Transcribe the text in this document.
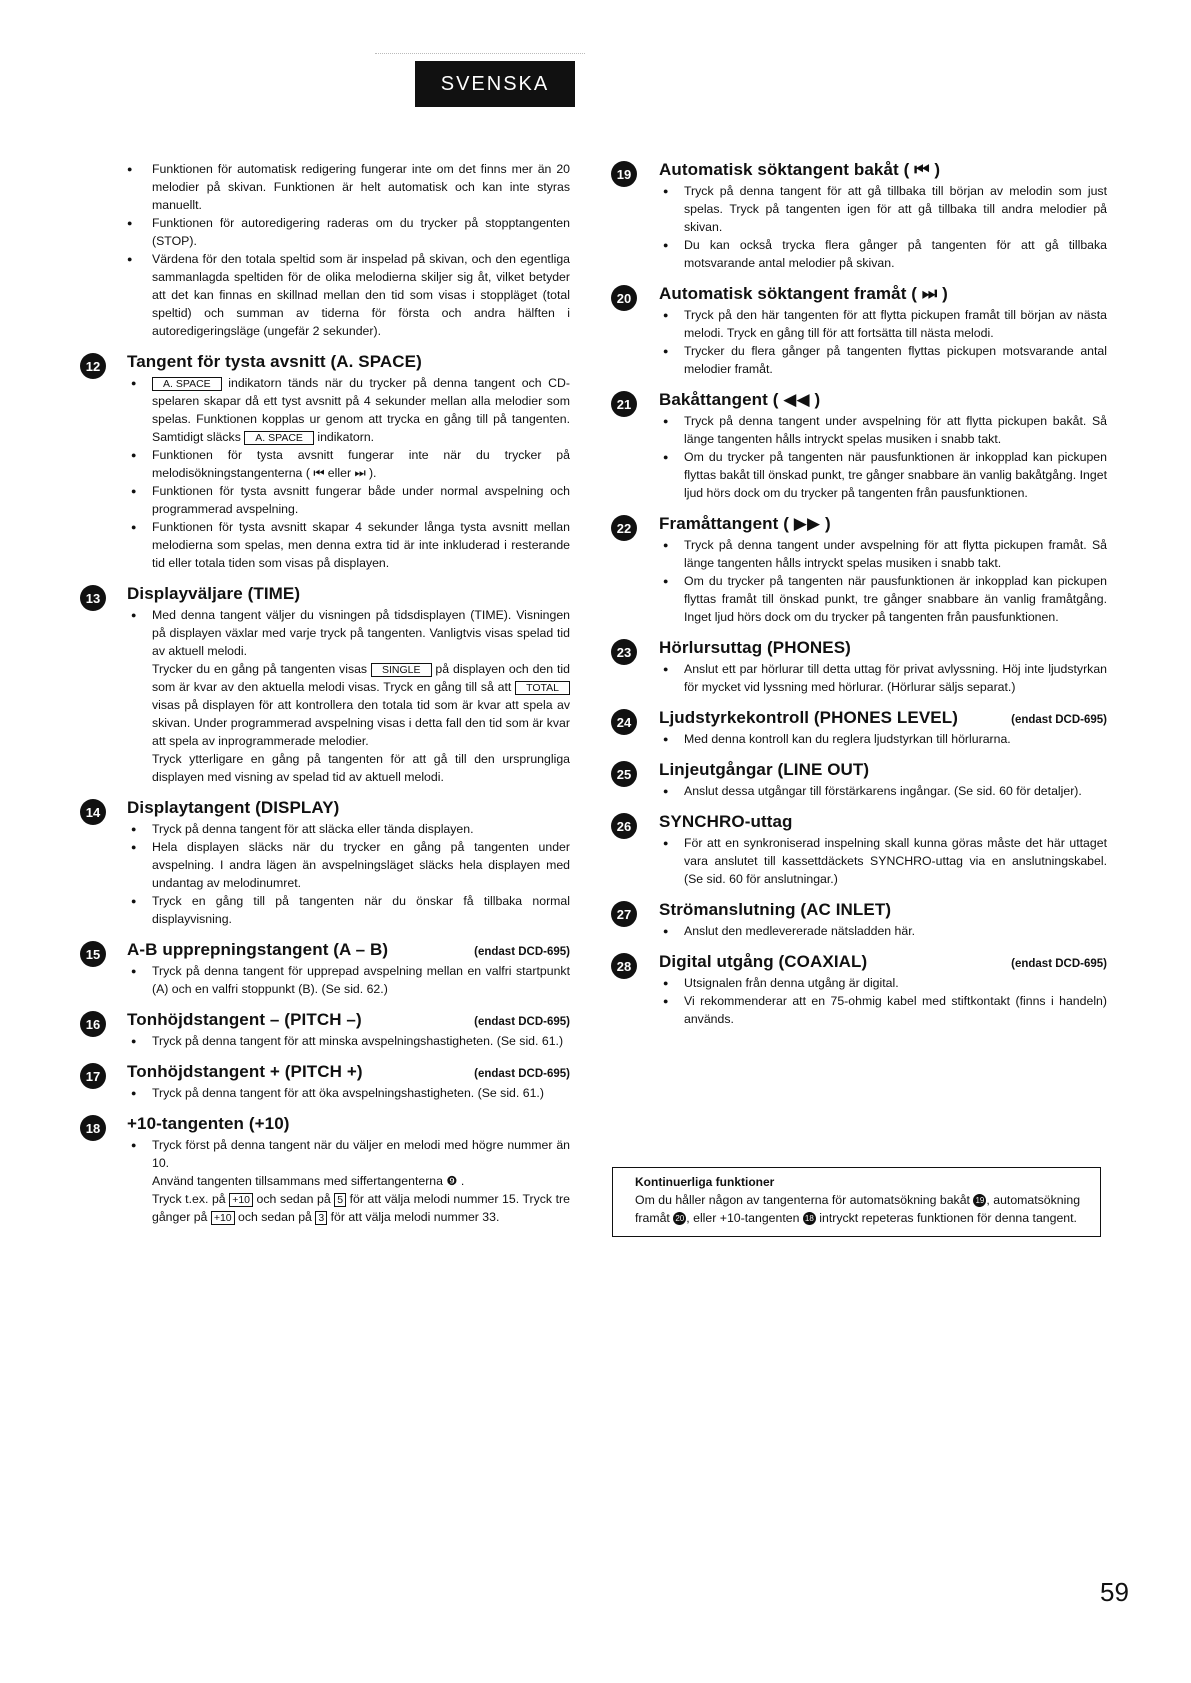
SVENSKA
● Funktionen för automatisk redigering fungerar inte om det finns mer än 20 melodier på skivan. Funktionen är helt automatisk och kan inte styras manuellt.
● Funktionen för autoredigering raderas om du trycker på stopptangenten (STOP).
● Värdena för den totala speltid som är inspelad på skivan, och den egentliga sammanlagda speltiden för de olika melodierna skiljer sig åt, vilket betyder att det kan finnas en skillnad mellan den tid som visas i stoppläget (total speltid) och summan av tiderna för första och andra hälften i autoredigeringsläge (ungefär 2 sekunder).
12	Tangent för tysta avsnitt (A. SPACE)
● A. SPACE indikatorn tänds när du trycker på denna tangent och CD-spelaren skapar då ett tyst avsnitt på 4 sekunder mellan alla melodier som spelas. Funktionen kopplas ur genom att trycka en gång till på tangenten. Samtidigt släcks A. SPACE indikatorn.
● Funktionen för tysta avsnitt fungerar inte när du trycker på melodisökningstangenterna ( ⏮ eller ⏭ ).
● Funktionen för tysta avsnitt fungerar både under normal avspelning och programmerad avspelning.
● Funktionen för tysta avsnitt skapar 4 sekunder långa tysta avsnitt mellan melodierna som spelas, men denna extra tid är inte inkluderad i resterande tid eller totala tiden som visas på displayen.
13	Displayväljare (TIME)
● Med denna tangent väljer du visningen på tidsdisplayen (TIME). Visningen på displayen växlar med varje tryck på tangenten. Vanligtvis visas spelad tid av aktuell melodi.

Trycker du en gång på tangenten visas SINGLE på displayen och den tid som är kvar av den aktuella melodi visas. Tryck en gång till så att TOTAL visas på displayen för att kontrollera den totala tid som är kvar att spela av skivan. Under programmerad avspelning visas i detta fall den tid som är kvar att spela av inprogrammerade melodier.

Tryck ytterligare en gång på tangenten för att gå till den ursprungliga displayen med visning av spelad tid av aktuell melodi.

14	Displaytangent (DISPLAY)
● Tryck på denna tangent för att släcka eller tända displayen.
● Hela displayen släcks när du trycker en gång på tangenten under avspelning. I andra lägen än avspelningsläget släcks hela displayen med undantag av melodinumret.
● Tryck en gång till på tangenten när du önskar få tillbaka normal displayvisning.
15	A-B upprepningstangent (A – B)	(endast DCD-695)
● Tryck på denna tangent för upprepad avspelning mellan en valfri startpunkt (A) och en valfri stoppunkt (B). (Se sid. 62.)
16	Tonhöjdstangent – (PITCH –)	(endast DCD-695)
● Tryck på denna tangent för att minska avspelningshastigheten. (Se sid. 61.)
17	Tonhöjdstangent + (PITCH +)	(endast DCD-695)
● Tryck på denna tangent för att öka avspelningshastigheten. (Se sid. 61.)
18	+10-tangenten (+10)
● Tryck först på denna tangent när du väljer en melodi med högre nummer än 10.

Använd tangenten tillsammans med siffertangenterna ❾ .

Tryck t.ex. på +10 och sedan på 5 för att välja melodi nummer 15. Tryck tre gånger på +10 och sedan på 3 för att välja melodi nummer 33.

19	Automatisk söktangent bakåt ( ⏮ )
● Tryck på denna tangent för att gå tillbaka till början av melodin som just spelas. Tryck på tangenten igen för att gå tillbaka till andra melodier på skivan.
● Du kan också trycka flera gånger på tangenten för att gå tillbaka motsvarande antal melodier på skivan.
20	Automatisk söktangent framåt ( ⏭ )
● Tryck på den här tangenten för att flytta pickupen framåt till början av nästa melodi. Tryck en gång till för att fortsätta till nästa melodi.
● Trycker du flera gånger på tangenten flyttas pickupen motsvarande antal melodier framåt.
21	Bakåttangent ( ◀◀ )
● Tryck på denna tangent under avspelning för att flytta pickupen bakåt. Så länge tangenten hålls intryckt spelas musiken i snabb takt.
● Om du trycker på tangenten när pausfunktionen är inkopplad kan pickupen flyttas bakåt till önskad punkt, tre gånger snabbare än vanlig bakåtgång. Inget ljud hörs dock om du trycker på tangenten från pausfunktionen.
22	Framåttangent ( ▶▶ )
● Tryck på denna tangent under avspelning för att flytta pickupen framåt. Så länge tangenten hålls intryckt spelas musiken i snabb takt.
● Om du trycker på tangenten när pausfunktionen är inkopplad kan pickupen flyttas framåt till önskad punkt, tre gånger snabbare än vanlig framåtgång. Inget ljud hörs dock om du trycker på tangenten från pausfunktionen.
23	Hörlursuttag (PHONES)
● Anslut ett par hörlurar till detta uttag för privat avlyssning. Höj inte ljudstyrkan för mycket vid lyssning med hörlurar. (Hörlurar säljs separat.)
24	Ljudstyrkekontroll (PHONES LEVEL)	(endast DCD-695)
● Med denna kontroll kan du reglera ljudstyrkan till hörlurarna.
25	Linjeutgångar (LINE OUT)
● Anslut dessa utgångar till förstärkarens ingångar. (Se sid. 60 för detaljer).
26	SYNCHRO-uttag
● För att en synkroniserad inspelning skall kunna göras måste det här uttaget vara anslutet till kassettdäckets SYNCHRO-uttag via en anslutningskabel. (Se sid. 60 för anslutningar.)
27	Strömanslutning (AC INLET)
● Anslut den medlevererade nätsladden här.
28	Digital utgång (COAXIAL)	(endast DCD-695)
● Utsignalen från denna utgång är digital.
● Vi rekommenderar att en 75-ohmig kabel med stiftkontakt (finns i handeln) används.

Kontinuerliga funktioner

Om du håller någon av tangenterna för automatsökning bakåt 19 , automatsökning framåt 20 , eller +10-tangenten 18 intryckt repeteras funktionen för denna tangent.

59
